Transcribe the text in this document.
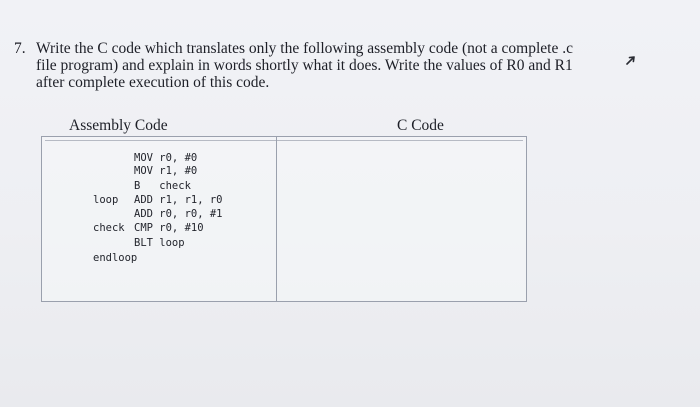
7. Write the C code which translates only the following assembly code (not a complete .c
file program) and explain in words shortly what it does. Write the values of R0 and R1
after complete execution of this code.
Assembly Code	C Code
MOV r0, #0
MOV r1, #0
B   check
loop ADD r1, r1, r0
ADD r0, r0, #1
check CMP r0, #10
BLT loop
endloop
